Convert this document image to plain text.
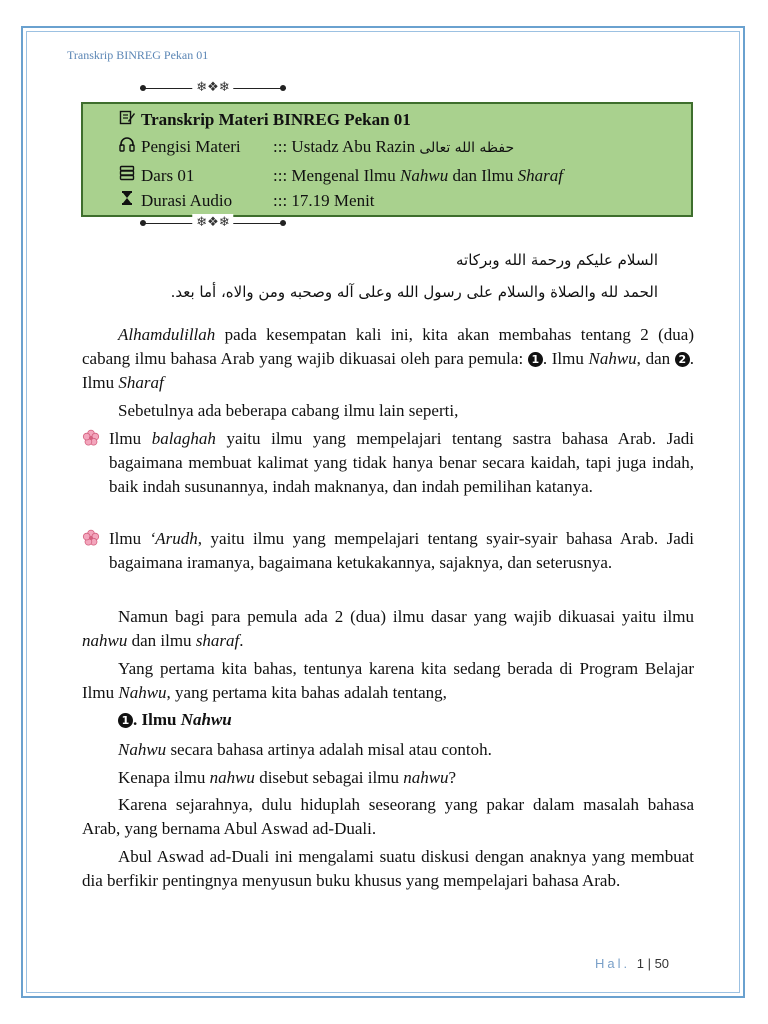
Transkrip BINREG Pekan 01
❄❖❄
Transkrip Materi BINREG Pekan 01
Pengisi Materi ::: Ustadz Abu Razin حفظه الله تعالى
Dars 01	::: Mengenal Ilmu Nahwu dan Ilmu Sharaf
Durasi Audio ::: 17.19 Menit
❄❖❄
السلام عليكم ورحمة الله وبركاته
الحمد لله والصلاة والسلام على رسول الله وعلى آله وصحبه ومن والاه، أما بعد.
Alhamdulillah pada kesempatan kali ini, kita akan membahas tentang 2 (dua) cabang ilmu bahasa Arab yang wajib dikuasai oleh para pemula: 1 . Ilmu Nahwu, dan 2 . Ilmu Sharaf
Sebetulnya ada beberapa cabang ilmu lain seperti,
Ilmu balaghah yaitu ilmu yang mempelajari tentang sastra bahasa Arab. Jadi bagaimana membuat kalimat yang tidak hanya benar secara kaidah, tapi juga indah, baik indah susunannya, indah maknanya, dan indah pemilihan katanya.
Ilmu ‘Arudh, yaitu ilmu yang mempelajari tentang syair-syair bahasa Arab. Jadi bagaimana iramanya, bagaimana ketukakannya, sajaknya, dan seterusnya.
Namun bagi para pemula ada 2 (dua) ilmu dasar yang wajib dikuasai yaitu ilmu nahwu dan ilmu sharaf.
Yang pertama kita bahas, tentunya karena kita sedang berada di Program Belajar Ilmu Nahwu, yang pertama kita bahas adalah tentang,
1 . Ilmu Nahwu
Nahwu secara bahasa artinya adalah misal atau contoh.
Kenapa ilmu nahwu disebut sebagai ilmu nahwu?
Karena sejarahnya, dulu hiduplah seseorang yang pakar dalam masalah bahasa Arab, yang bernama Abul Aswad ad-Duali.
Abul Aswad ad-Duali ini mengalami suatu diskusi dengan anaknya yang membuat dia berfikir pentingnya menyusun buku khusus yang mempelajari bahasa Arab.
Hal. 1 | 50
